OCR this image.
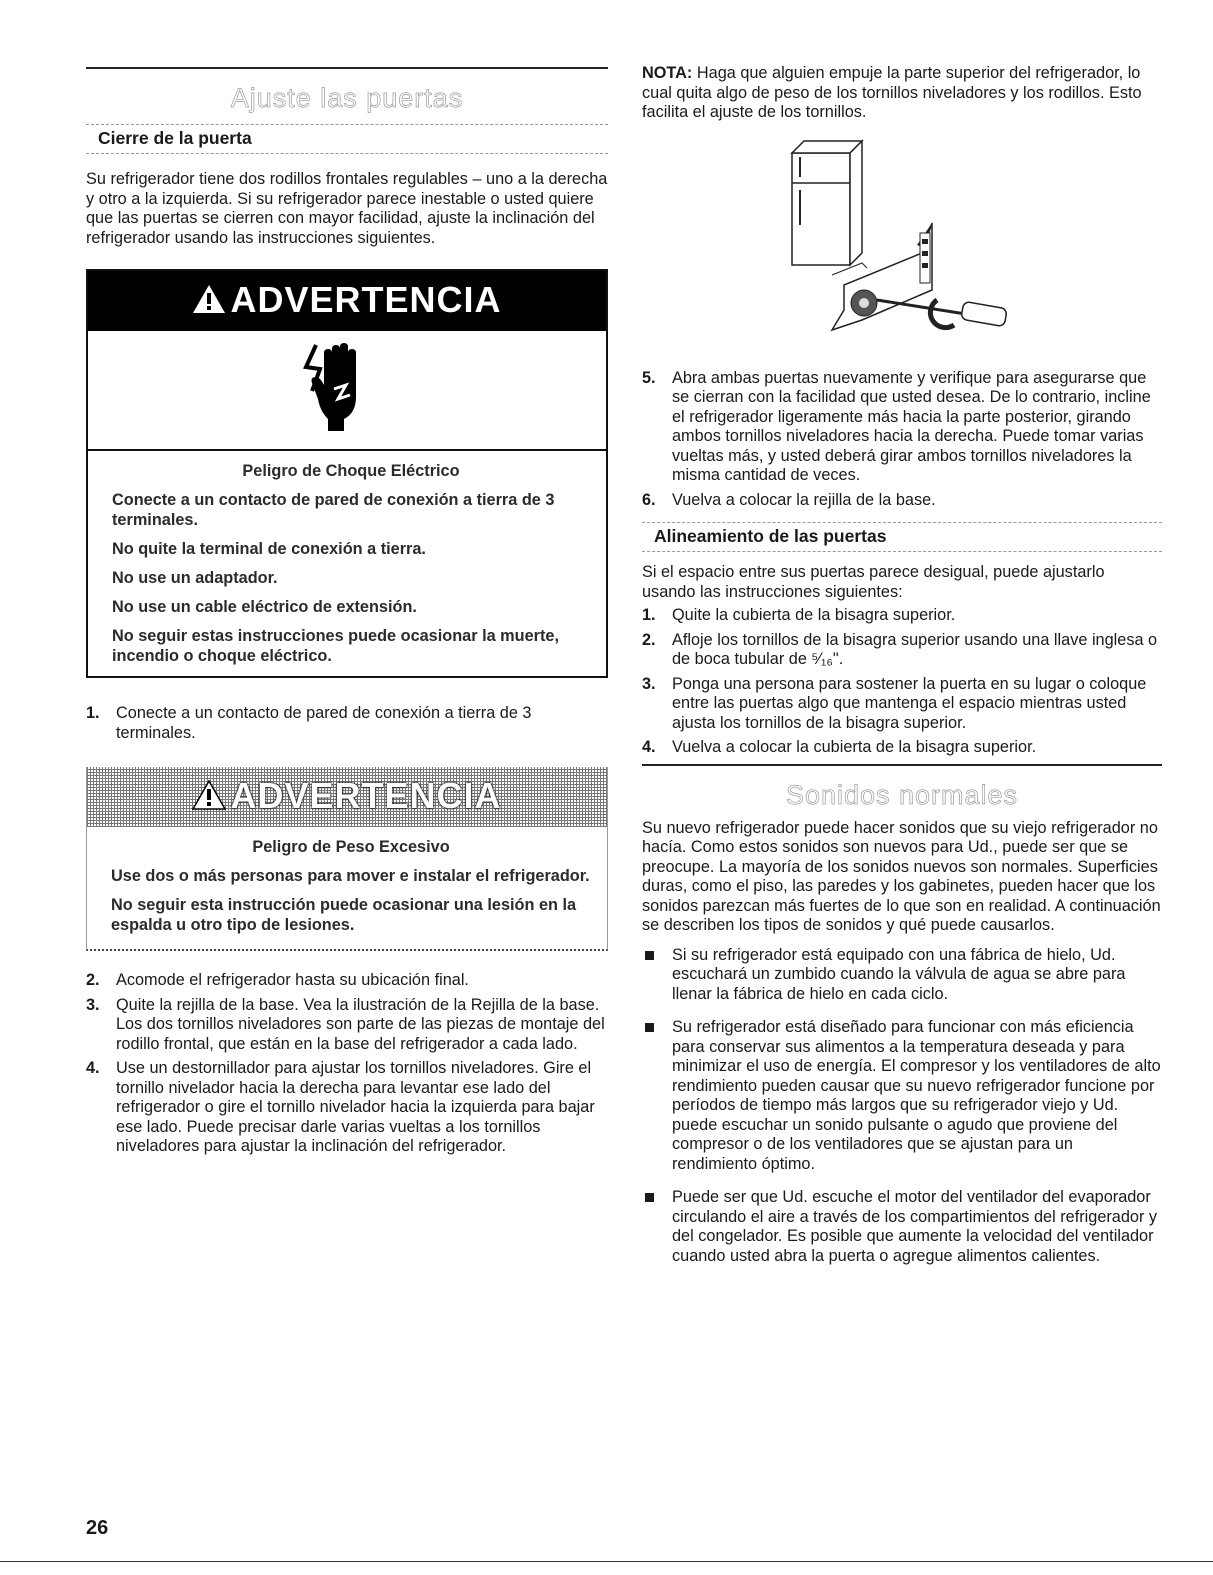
Ajuste las puertas
Cierre de la puerta

Su refrigerador tiene dos rodillos frontales regulables – uno a la derecha y otro a la izquierda. Si su refrigerador parece inestable o usted quiere que las puertas se cierren con mayor facilidad, ajuste la inclinación del refrigerador usando las instrucciones siguientes.

ADVERTENCIA

Peligro de Choque Eléctrico

Conecte a un contacto de pared de conexión a tierra de 3 terminales.

No quite la terminal de conexión a tierra.

No use un adaptador.

No use un cable eléctrico de extensión.

No seguir estas instrucciones puede ocasionar la muerte, incendio o choque eléctrico.

1. Conecte a un contacto de pared de conexión a tierra de 3 terminales.
ADVERTENCIA

Peligro de Peso Excesivo

Use dos o más personas para mover e instalar el refrigerador.

No seguir esta instrucción puede ocasionar una lesión en la espalda u otro tipo de lesiones.

2. Acomode el refrigerador hasta su ubicación final.
3. Quite la rejilla de la base. Vea la ilustración de la Rejilla de la base. Los dos tornillos niveladores son parte de las piezas de montaje del rodillo frontal, que están en la base del refrigerador a cada lado.
4. Use un destornillador para ajustar los tornillos niveladores. Gire el tornillo nivelador hacia la derecha para levantar ese lado del refrigerador o gire el tornillo nivelador hacia la izquierda para bajar ese lado. Puede precisar darle varias vueltas a los tornillos niveladores para ajustar la inclinación del refrigerador.

NOTA: Haga que alguien empuje la parte superior del refrigerador, lo cual quita algo de peso de los tornillos niveladores y los rodillos. Esto facilita el ajuste de los tornillos.

5. Abra ambas puertas nuevamente y verifique para asegurarse que se cierran con la facilidad que usted desea. De lo contrario, incline el refrigerador ligeramente más hacia la parte posterior, girando ambos tornillos niveladores hacia la derecha. Puede tomar varias vueltas más, y usted deberá girar ambos tornillos niveladores la misma cantidad de veces.
6. Vuelva a colocar la rejilla de la base.
Alineamiento de las puertas

Si el espacio entre sus puertas parece desigual, puede ajustarlo usando las instrucciones siguientes:

1. Quite la cubierta de la bisagra superior.
2. Afloje los tornillos de la bisagra superior usando una llave inglesa o de boca tubular de ⁵⁄₁₆".
3. Ponga una persona para sostener la puerta en su lugar o coloque entre las puertas algo que mantenga el espacio mientras usted ajusta los tornillos de la bisagra superior.
4. Vuelva a colocar la cubierta de la bisagra superior.
Sonidos normales

Su nuevo refrigerador puede hacer sonidos que su viejo refrigerador no hacía. Como estos sonidos son nuevos para Ud., puede ser que se preocupe. La mayoría de los sonidos nuevos son normales. Superficies duras, como el piso, las paredes y los gabinetes, pueden hacer que los sonidos parezcan más fuertes de lo que son en realidad. A continuación se describen los tipos de sonidos y qué puede causarlos.

Si su refrigerador está equipado con una fábrica de hielo, Ud. escuchará un zumbido cuando la válvula de agua se abre para llenar la fábrica de hielo en cada ciclo.
Su refrigerador está diseñado para funcionar con más eficiencia para conservar sus alimentos a la temperatura deseada y para minimizar el uso de energía. El compresor y los ventiladores de alto rendimiento pueden causar que su nuevo refrigerador funcione por períodos de tiempo más largos que su refrigerador viejo y Ud. puede escuchar un sonido pulsante o agudo que proviene del compresor o de los ventiladores que se ajustan para un rendimiento óptimo.
Puede ser que Ud. escuche el motor del ventilador del evaporador circulando el aire a través de los compartimientos del refrigerador y del congelador. Es posible que aumente la velocidad del ventilador cuando usted abra la puerta o agregue alimentos calientes.
26
